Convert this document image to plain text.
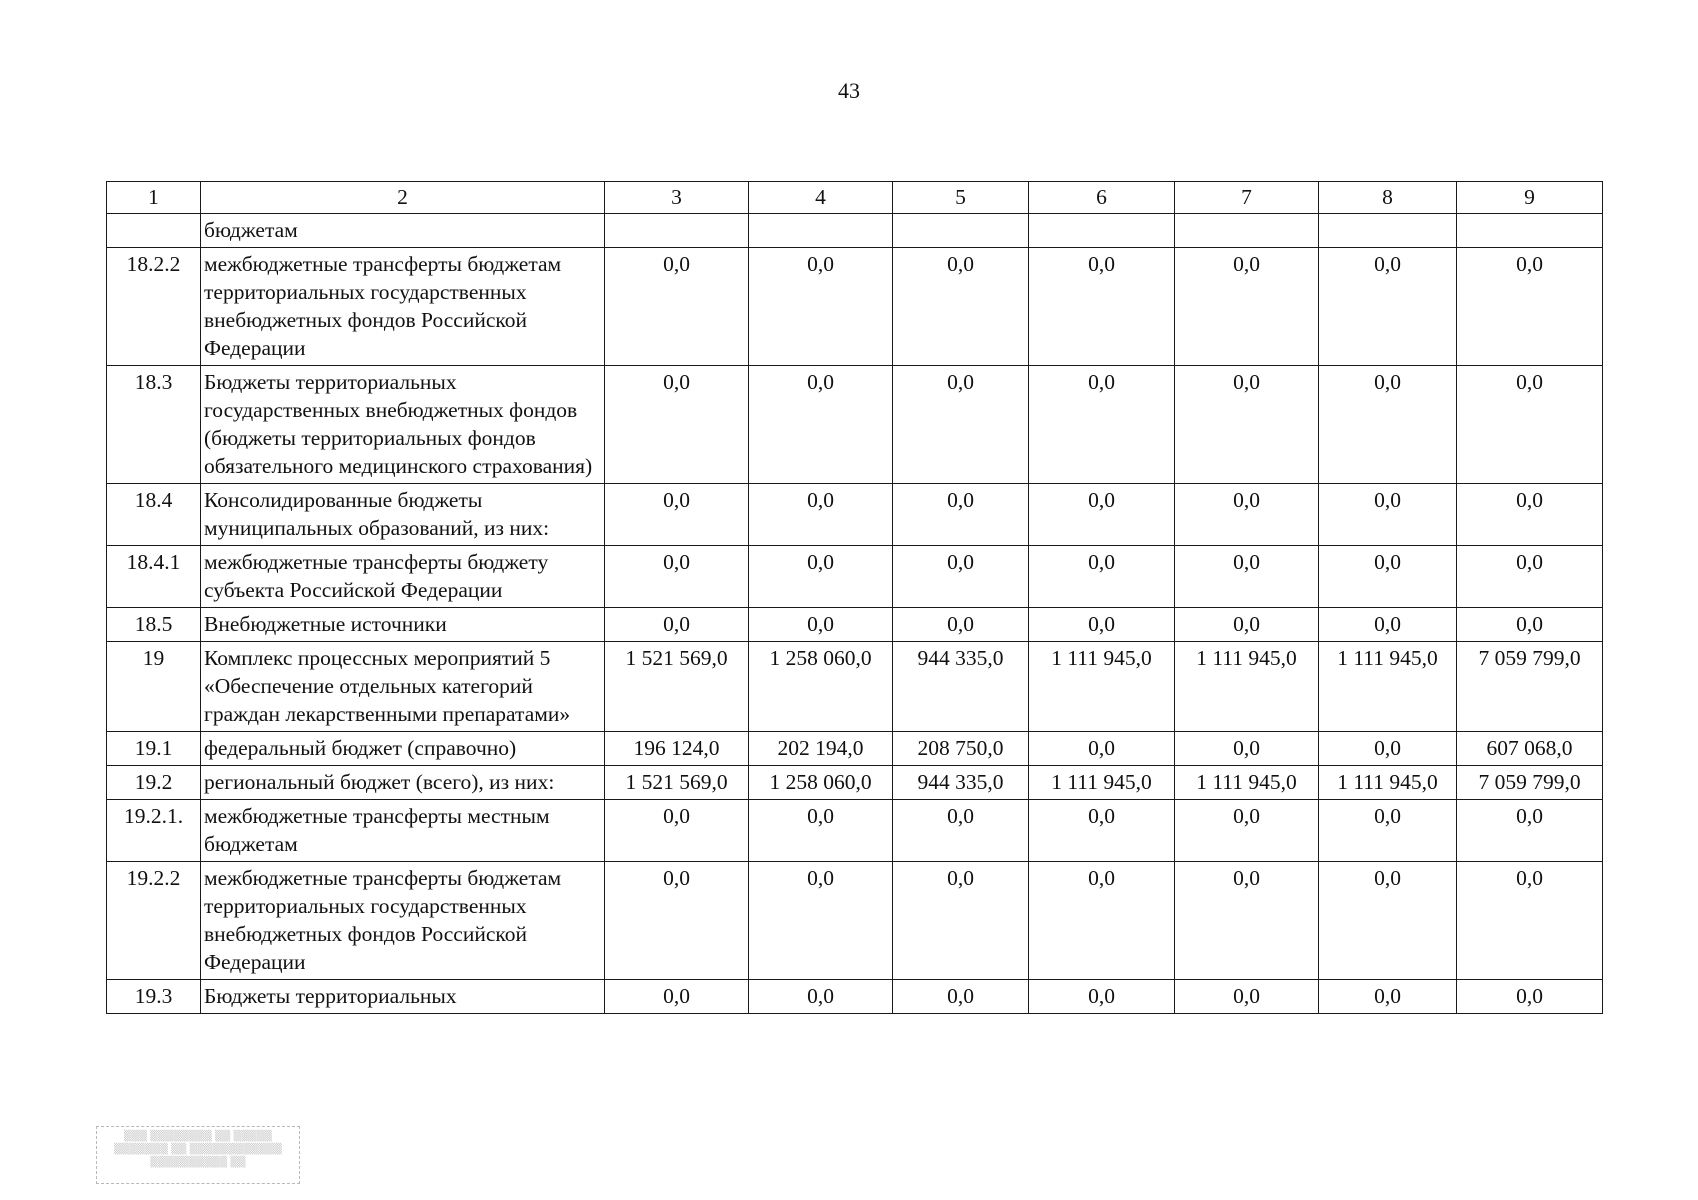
43
1	2	3	4	5	6	7	8	9
	бюджетам							
18.2.2	межбюджетные трансферты бюджетам территориальных государственных внебюджетных фондов Российской Федерации	0,0	0,0	0,0	0,0	0,0	0,0	0,0
18.3	Бюджеты территориальных государственных внебюджетных фондов (бюджеты территориальных фондов обязательного медицинского страхования)	0,0	0,0	0,0	0,0	0,0	0,0	0,0
18.4	Консолидированные бюджеты муниципальных образований, из них:	0,0	0,0	0,0	0,0	0,0	0,0	0,0
18.4.1	межбюджетные трансферты бюджету субъекта Российской Федерации	0,0	0,0	0,0	0,0	0,0	0,0	0,0
18.5	Внебюджетные источники	0,0	0,0	0,0	0,0	0,0	0,0	0,0
19	Комплекс процессных мероприятий 5 «Обеспечение отдельных категорий граждан лекарственными препаратами»	1 521 569,0	1 258 060,0	944 335,0	1 111 945,0	1 111 945,0	1 111 945,0	7 059 799,0
19.1	федеральный бюджет (справочно)	196 124,0	202 194,0	208 750,0	0,0	0,0	0,0	607 068,0
19.2	региональный бюджет (всего), из них:	1 521 569,0	1 258 060,0	944 335,0	1 111 945,0	1 111 945,0	1 111 945,0	7 059 799,0
19.2.1.	межбюджетные трансферты местным бюджетам	0,0	0,0	0,0	0,0	0,0	0,0	0,0
19.2.2	межбюджетные трансферты бюджетам территориальных государственных внебюджетных фондов Российской Федерации	0,0	0,0	0,0	0,0	0,0	0,0	0,0
19.3	Бюджеты территориальных	0,0	0,0	0,0	0,0	0,0	0,0	0,0
▒▒▒ ▒▒▒▒▒▒▒▒ ▒▒ ▒▒▒▒▒
▒▒▒▒▒▒▒ ▒▒ ▒▒▒▒▒▒▒▒▒▒▒▒
▒▒▒▒▒▒▒▒▒▒ ▒▒
